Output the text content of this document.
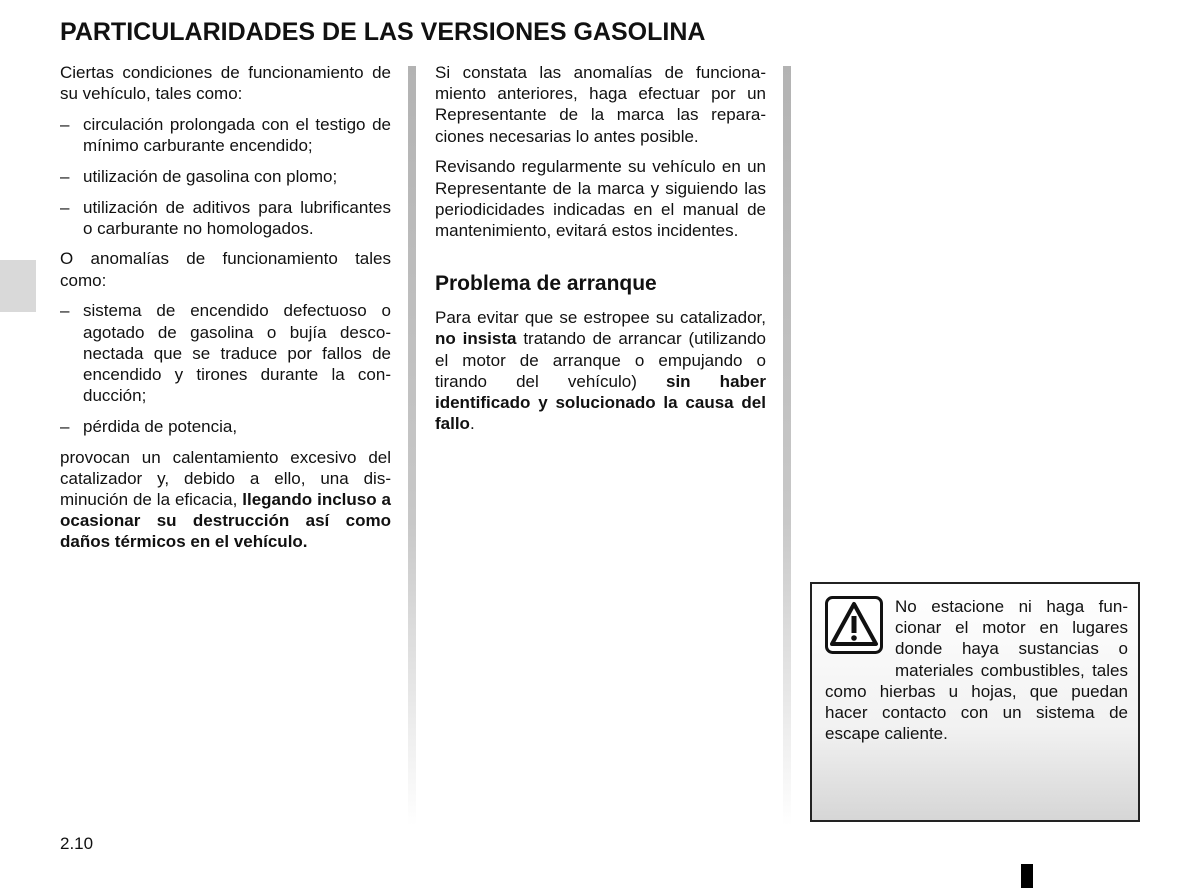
PARTICULARIDADES DE LAS VERSIONES GASOLINA

Ciertas condiciones de funcionamiento de su vehículo, tales como:

– circulación prolongada con el testigo de mínimo carburante encendido;
– utilización de gasolina con plomo;
– utilización de aditivos para lubrificantes o carburante no homologados.

O anomalías de funcionamiento tales como:

– sistema de encendido defectuoso o agotado de gasolina o bujía desconectada que se traduce por fallos de encendido y tirones durante la conducción;
– pérdida de potencia,

provocan un calentamiento excesivo del catalizador y, debido a ello, una disminución de la eficacia, llegando incluso a ocasionar su destrucción así como daños térmicos en el vehículo.

Si constata las anomalías de funcionamiento anteriores, haga efectuar por un Representante de la marca las reparaciones necesarias lo antes posible.

Revisando regularmente su vehículo en un Representante de la marca y siguiendo las periodicidades indicadas en el manual de mantenimiento, evitará estos incidentes.

Problema de arranque

Para evitar que se estropee su catalizador, no insista tratando de arrancar (utilizando el motor de arranque o empujando o tirando del vehículo) sin haber identificado y solucionado la causa del fallo.

No estacione ni haga funcionar el motor en lugares donde haya sustancias o materiales combustibles, tales como hierbas u hojas, que puedan hacer contacto con un sistema de escape caliente.
2.10
